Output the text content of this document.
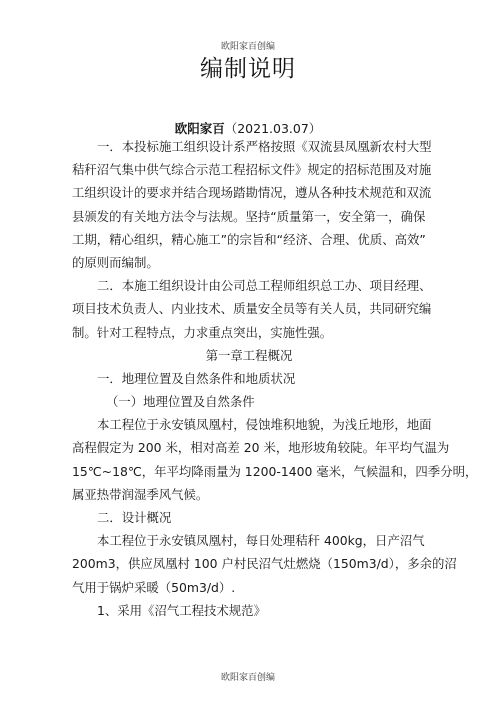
欧阳家百创编
编制说明
欧阳家百（2021.03.07）
一．本投标施工组织设计系严格按照《双流县凤凰新农村大型
秸秆沼气集中供气综合示范工程招标文件》规定的招标范围及对施
工组织设计的要求并结合现场踏勘情况，遵从各种技术规范和双流
县颁发的有关地方法令与法规。坚持“质量第一，安全第一，确保
工期，精心组织，精心施工”的宗旨和“经济、合理、优质、高效”
的原则而编制。
二．本施工组织设计由公司总工程师组织总工办、项目经理、
项目技术负责人、内业技术、质量安全员等有关人员，共同研究编
制。针对工程特点，力求重点突出，实施性强。
第一章工程概况
一．地理位置及自然条件和地质状况
（一）地理位置及自然条件
本工程位于永安镇凤凰村，侵蚀堆积地貌，为浅丘地形，地面
高程假定为 200 米，相对高差 20 米，地形坡角较陡。年平均气温为
15℃~18℃，年平均降雨量为 1200-1400 毫米，气候温和，四季分明，
属亚热带润湿季风气候。
二．设计概况
本工程位于永安镇凤凰村，每日处理秸秆 400kg，日产沼气
200m3，供应凤凰村 100 户村民沼气灶燃烧（150m3/d），多余的沼
气用于锅炉采暖（50m3/d）.
1、采用《沼气工程技术规范》
欧阳家百创编
